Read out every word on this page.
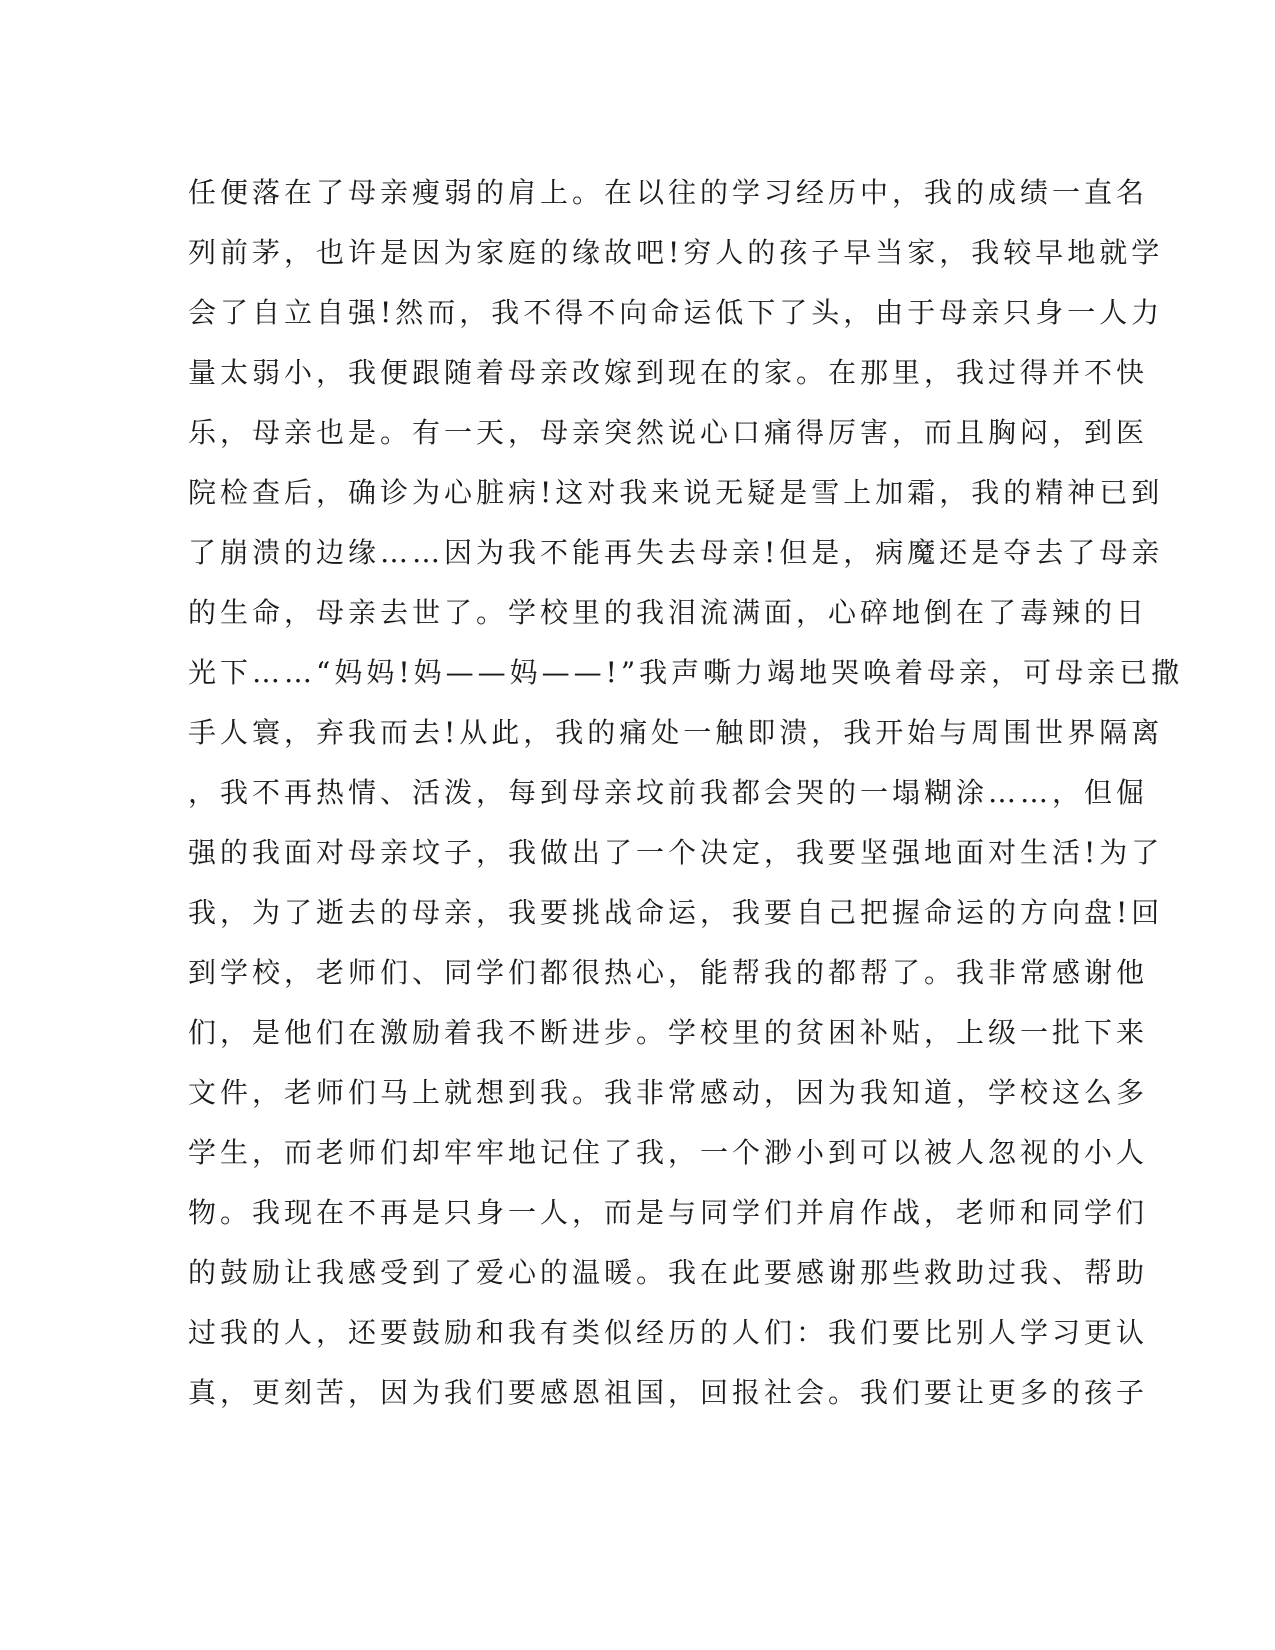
任便落在了母亲瘦弱的肩上。在以往的学习经历中，我的成绩一直名
列前茅，也许是因为家庭的缘故吧!穷人的孩子早当家，我较早地就学
会了自立自强!然而，我不得不向命运低下了头，由于母亲只身一人力
量太弱小，我便跟随着母亲改嫁到现在的家。在那里，我过得并不快
乐，母亲也是。有一天，母亲突然说心口痛得厉害，而且胸闷，到医
院检查后，确诊为心脏病!这对我来说无疑是雪上加霜，我的精神已到
了崩溃的边缘……因为我不能再失去母亲!但是，病魔还是夺去了母亲
的生命，母亲去世了。学校里的我泪流满面，心碎地倒在了毒辣的日
光下……“妈妈!妈——妈——!”我声嘶力竭地哭唤着母亲，可母亲已撒
手人寰，弃我而去!从此，我的痛处一触即溃，我开始与周围世界隔离
，我不再热情、活泼，每到母亲坟前我都会哭的一塌糊涂……，但倔
强的我面对母亲坟子，我做出了一个决定，我要坚强地面对生活!为了
我，为了逝去的母亲，我要挑战命运，我要自己把握命运的方向盘!回
到学校，老师们、同学们都很热心，能帮我的都帮了。我非常感谢他
们，是他们在激励着我不断进步。学校里的贫困补贴，上级一批下来
文件，老师们马上就想到我。我非常感动，因为我知道，学校这么多
学生，而老师们却牢牢地记住了我，一个渺小到可以被人忽视的小人
物。我现在不再是只身一人，而是与同学们并肩作战，老师和同学们
的鼓励让我感受到了爱心的温暖。我在此要感谢那些救助过我、帮助
过我的人，还要鼓励和我有类似经历的人们：我们要比别人学习更认
真，更刻苦，因为我们要感恩祖国，回报社会。我们要让更多的孩子
